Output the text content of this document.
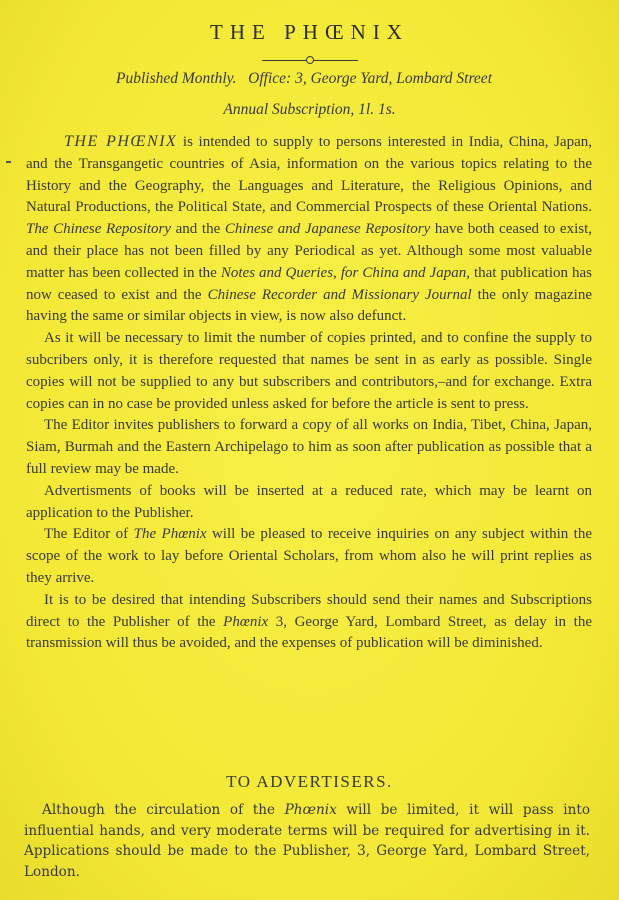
THE PHŒNIX
Published Monthly. Office: 3, George Yard, Lombard Street
Annual Subscription, 1l. 1s.

THE PHŒNIX is intended to supply to persons interested in India, China, Japan, and the Transgangetic countries of Asia, information on the various topics relating to the History and the Geography, the Languages and Literature, the Religious Opinions, and Natural Productions, the Political State, and Commercial Prospects of these Oriental Nations. The Chinese Repository and the Chinese and Japanese Repository have both ceased to exist, and their place has not been filled by any Periodical as yet. Although some most valuable matter has been collected in the Notes and Queries, for China and Japan, that publication has now ceased to exist and the Chinese Recorder and Missionary Journal the only magazine having the same or similar objects in view, is now also defunct.

As it will be necessary to limit the number of copies printed, and to confine the supply to subcribers only, it is therefore requested that names be sent in as early as possible. Single copies will not be supplied to any but subscribers and contributors,–and for exchange. Extra copies can in no case be provided unless asked for before the article is sent to press.

The Editor invites publishers to forward a copy of all works on India, Tibet, China, Japan, Siam, Burmah and the Eastern Archipelago to him as soon after publication as possible that a full review may be made.

Advertisments of books will be inserted at a reduced rate, which may be learnt on application to the Publisher.

The Editor of The Phœnix will be pleased to receive inquiries on any subject within the scope of the work to lay before Oriental Scholars, from whom also he will print replies as they arrive.

It is to be desired that intending Subscribers should send their names and Subscriptions direct to the Publisher of the Phœnix 3, George Yard, Lombard Street, as delay in the transmission will thus be avoided, and the expenses of publication will be diminished.

TO ADVERTISERS.

Although the circulation of the Phœnix will be limited, it will pass into influential hands, and very moderate terms will be required for advertising in it. Applications should be made to the Publisher, 3, George Yard, Lombard Street, London.
